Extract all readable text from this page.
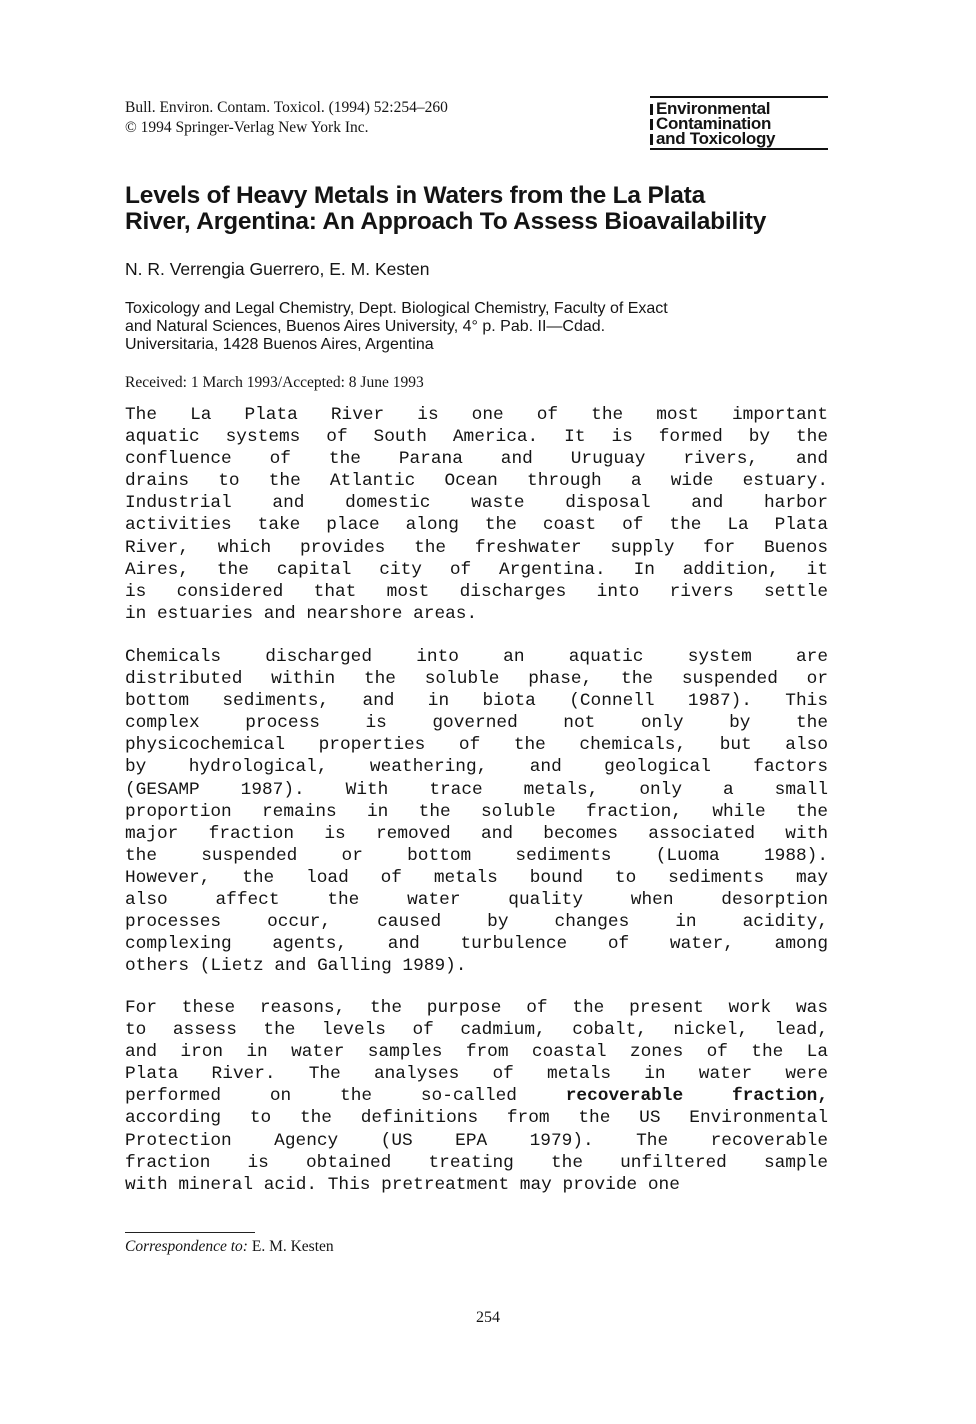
Bull. Environ. Contam. Toxicol. (1994) 52:254–260
© 1994 Springer-Verlag New York Inc.
Environmental
Contamination
and Toxicology
Levels of Heavy Metals in Waters from the La Plata
River, Argentina: An Approach To Assess Bioavailability
N. R. Verrengia Guerrero, E. M. Kesten
Toxicology and Legal Chemistry, Dept. Biological Chemistry, Faculty of Exact
and Natural Sciences, Buenos Aires University, 4° p. Pab. II—Cdad.
Universitaria, 1428 Buenos Aires, Argentina
Received: 1 March 1993/Accepted: 8 June 1993
The La Plata River is one of the most important
aquatic systems of South America. It is formed by the
confluence of the Parana and Uruguay rivers, and
drains to the Atlantic Ocean through a wide estuary.
Industrial and domestic waste disposal and harbor
activities take place along the coast of the La Plata
River, which provides the freshwater supply for Buenos
Aires, the capital city of Argentina. In addition, it
is considered that most discharges into rivers settle
in estuaries and nearshore areas.
Chemicals discharged into an aquatic system are
distributed within the soluble phase, the suspended or
bottom sediments, and in biota (Connell 1987). This
complex process is governed not only by the
physicochemical properties of the chemicals, but also
by hydrological, weathering, and geological factors
(GESAMP 1987). With trace metals, only a small
proportion remains in the soluble fraction, while the
major fraction is removed and becomes associated with
the suspended or bottom sediments (Luoma 1988).
However, the load of metals bound to sediments may
also affect the water quality when desorption
processes occur, caused by changes in acidity,
complexing agents, and turbulence of water, among
others (Lietz and Galling 1989).
For these reasons, the purpose of the present work was
to assess the levels of cadmium, cobalt, nickel, lead,
and iron in water samples from coastal zones of the La
Plata River. The analyses of metals in water were
performed on the so-called	recoverable fraction,
according to the definitions from the US Environmental
Protection Agency (US EPA 1979). The recoverable
fraction is obtained treating the unfiltered sample
with mineral acid. This pretreatment may provide one
Correspondence to: E. M. Kesten
254
